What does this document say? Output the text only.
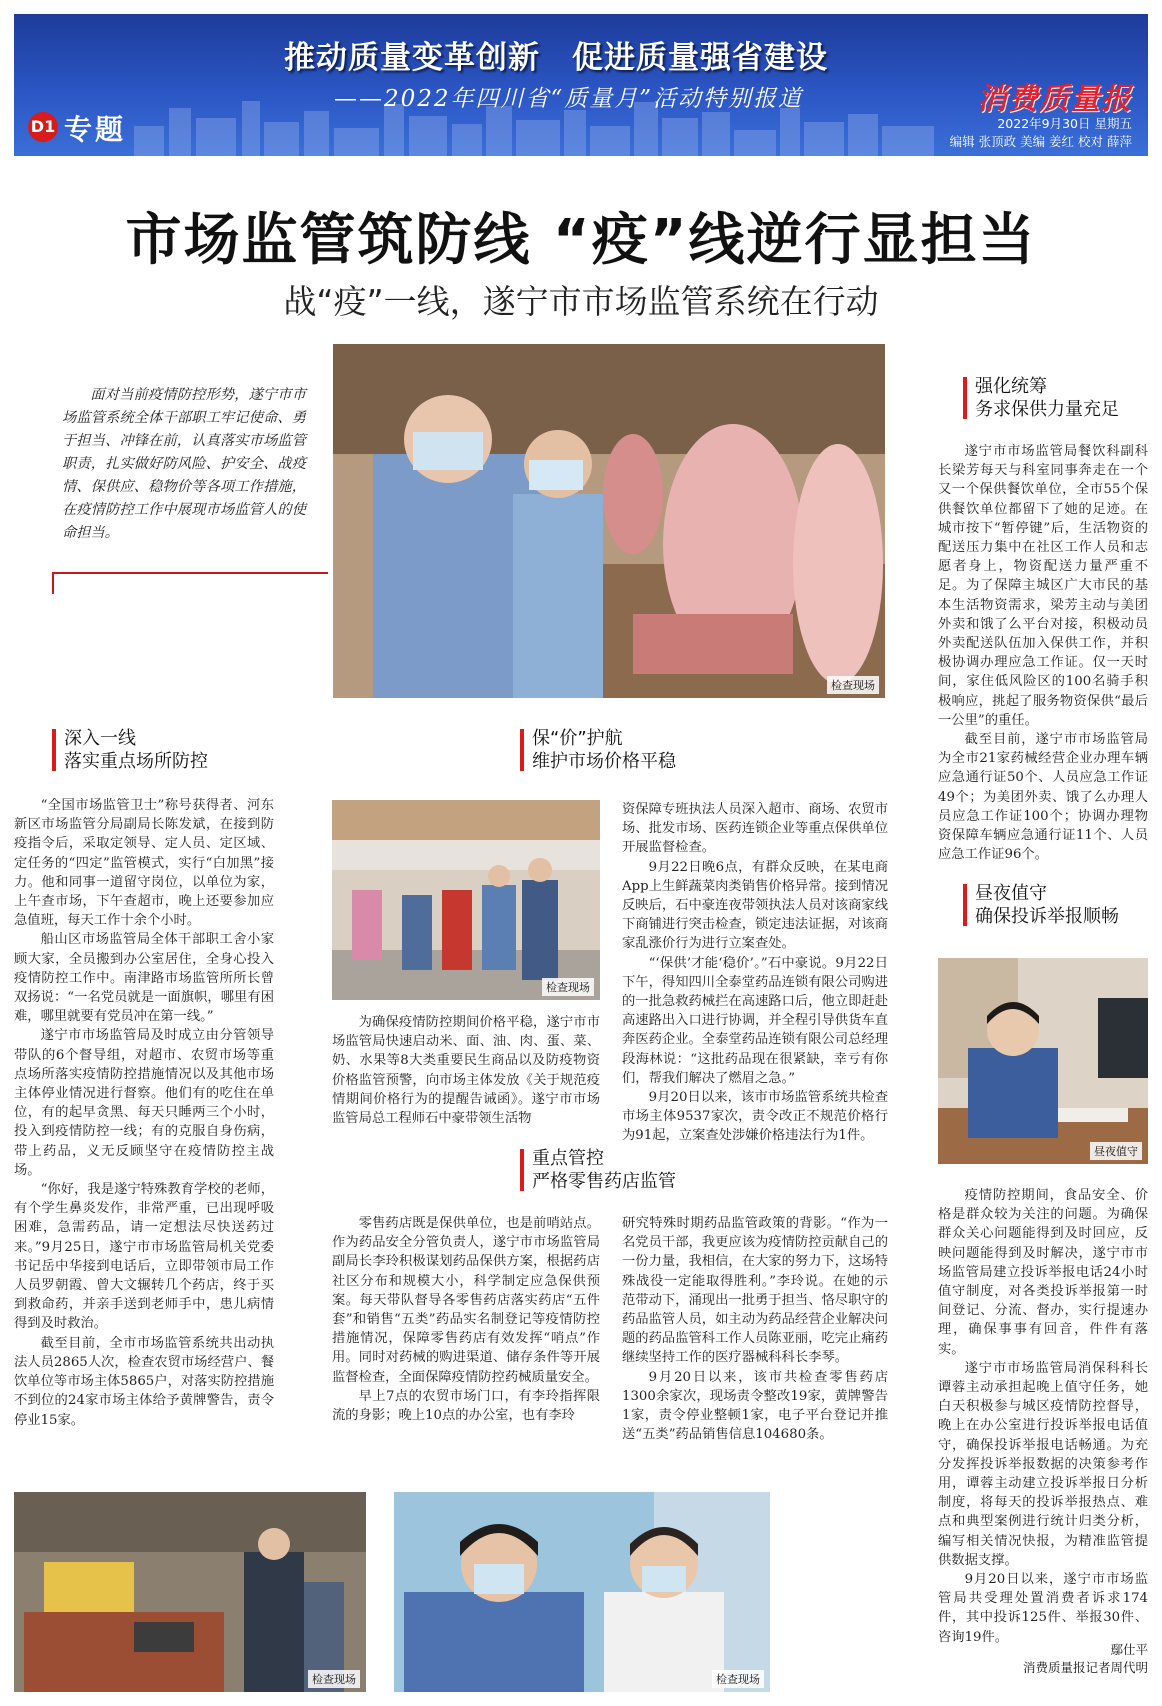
推动质量变革创新　促进质量强省建设
——2022年四川省“质量月”活动特别报道
D1 专题
消费质量报
2022年9月30日 星期五
编辑 张顶政 美编 姜红 校对 薛萍
市场监管筑防线 “疫”线逆行显担当
战“疫”一线，遂宁市市场监管系统在行动
面对当前疫情防控形势，遂宁市市场监管系统全体干部职工牢记使命、勇于担当、冲锋在前，认真落实市场监管职责，扎实做好防风险、护安全、战疫情、保供应、稳物价等各项工作措施，在疫情防控工作中展现市场监管人的使命担当。
检查现场
深入一线
落实重点场所防控
保“价”护航
维护市场价格平稳
重点管控
严格零售药店监管
强化统筹
务求保供力量充足
昼夜值守
确保投诉举报顺畅

“全国市场监管卫士”称号获得者、河东新区市场监管分局副局长陈发斌，在接到防疫指令后，采取定领导、定人员、定区域、定任务的“四定”监管模式，实行“白加黑”接力。他和同事一道留守岗位，以单位为家，上午查市场，下午查超市，晚上还要参加应急值班，每天工作十余个小时。

船山区市场监管局全体干部职工舍小家顾大家，全员搬到办公室居住，全身心投入疫情防控工作中。南津路市场监管所所长曾双扬说：“一名党员就是一面旗帜，哪里有困难，哪里就要有党员冲在第一线。”

遂宁市市场监管局及时成立由分管领导带队的6个督导组，对超市、农贸市场等重点场所落实疫情防控措施情况以及其他市场主体停业情况进行督察。他们有的吃住在单位，有的起早贪黑、每天只睡两三个小时，投入到疫情防控一线；有的克服自身伤病，带上药品，义无反顾坚守在疫情防控主战场。

“你好，我是遂宁特殊教育学校的老师，有个学生鼻炎发作，非常严重，已出现呼吸困难，急需药品，请一定想法尽快送药过来。”9月25日，遂宁市市场监管局机关党委书记岳中华接到电话后，立即带领市局工作人员罗朝霞、曾大文辗转几个药店，终于买到救命药，并亲手送到老师手中，患儿病情得到及时救治。

截至目前，全市市场监管系统共出动执法人员2865人次，检查农贸市场经营户、餐饮单位等市场主体5865户，对落实防控措施不到位的24家市场主体给予黄牌警告，责令停业15家。

检查现场

为确保疫情防控期间价格平稳，遂宁市市场监管局快速启动米、面、油、肉、蛋、菜、奶、水果等8大类重要民生商品以及防疫物资价格监管预警，向市场主体发放《关于规范疫情期间价格行为的提醒告诫函》。遂宁市市场监管局总工程师石中豪带领生活物

资保障专班执法人员深入超市、商场、农贸市场、批发市场、医药连锁企业等重点保供单位开展监督检查。

9月22日晚6点，有群众反映，在某电商App上生鲜蔬菜肉类销售价格异常。接到情况反映后，石中豪连夜带领执法人员对该商家线下商铺进行突击检查，锁定违法证据，对该商家乱涨价行为进行立案查处。

“‘保供’才能‘稳价’。”石中豪说。9月22日下午，得知四川全泰堂药品连锁有限公司购进的一批急救药械拦在高速路口后，他立即赶赴高速路出入口进行协调，并全程引导供货车直奔医药企业。全泰堂药品连锁有限公司总经理段海林说：“这批药品现在很紧缺，幸亏有你们，帮我们解决了燃眉之急。”

9月20日以来，该市市场监管系统共检查市场主体9537家次，责令改正不规范价格行为91起，立案查处涉嫌价格违法行为1件。

零售药店既是保供单位，也是前哨站点。作为药品安全分管负责人，遂宁市市场监管局副局长李玲积极谋划药品保供方案，根据药店社区分布和规模大小，科学制定应急保供预案。每天带队督导各零售药店落实药店“五件套”和销售“五类”药品实名制登记等疫情防控措施情况，保障零售药店有效发挥“哨点”作用。同时对药械的购进渠道、储存条件等开展监督检查，全面保障疫情防控药械质量安全。

早上7点的农贸市场门口，有李玲指挥限流的身影；晚上10点的办公室，也有李玲

研究特殊时期药品监管政策的背影。“作为一名党员干部，我更应该为疫情防控贡献自己的一份力量，我相信，在大家的努力下，这场特殊战役一定能取得胜利。”李玲说。在她的示范带动下，涌现出一批勇于担当、恪尽职守的药品监管人员，如主动为药品经营企业解决问题的药品监管科工作人员陈亚丽，吃完止痛药继续坚持工作的医疗器械科科长李琴。

9月20日以来，该市共检查零售药店1300余家次，现场责令整改19家，黄牌警告1家，责令停业整顿1家，电子平台登记并推送“五类”药品销售信息104680条。

遂宁市市场监管局餐饮科副科长梁芳每天与科室同事奔走在一个又一个保供餐饮单位，全市55个保供餐饮单位都留下了她的足迹。在城市按下“暂停键”后，生活物资的配送压力集中在社区工作人员和志愿者身上，物资配送力量严重不足。为了保障主城区广大市民的基本生活物资需求，梁芳主动与美团外卖和饿了么平台对接，积极动员外卖配送队伍加入保供工作，并积极协调办理应急工作证。仅一天时间，家住低风险区的100名骑手积极响应，挑起了服务物资保供“最后一公里”的重任。

截至目前，遂宁市市场监管局为全市21家药械经营企业办理车辆应急通行证50个、人员应急工作证49个；为美团外卖、饿了么办理人员应急工作证100个；协调办理物资保障车辆应急通行证11个、人员应急工作证96个。

昼夜值守

疫情防控期间，食品安全、价格是群众较为关注的问题。为确保群众关心问题能得到及时回应，反映问题能得到及时解决，遂宁市市场监管局建立投诉举报电话24小时值守制度，对各类投诉举报第一时间登记、分流、督办，实行提速办理，确保事事有回音，件件有落实。

遂宁市市场监管局消保科科长谭蓉主动承担起晚上值守任务，她白天积极参与城区疫情防控督导，晚上在办公室进行投诉举报电话值守，确保投诉举报电话畅通。为充分发挥投诉举报数据的决策参考作用，谭蓉主动建立投诉举报日分析制度，将每天的投诉举报热点、难点和典型案例进行统计归类分析，编写相关情况快报，为精准监管提供数据支撑。

9月20日以来，遂宁市市场监管局共受理处置消费者诉求174件，其中投诉125件、举报30件、咨询19件。

检查现场	检查现场
鄢仕平
消费质量报记者周代明
